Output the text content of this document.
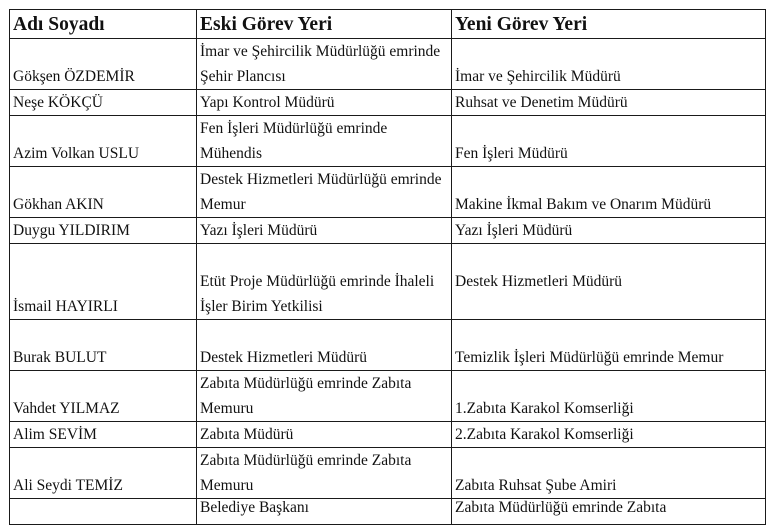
Adı Soyadı	Eski Görev Yeri	Yeni Görev Yeri

Gökşen ÖZDEMİR	İmar ve Şehircilik Müdürlüğü emrinde Şehir Plancısı	İmar ve Şehircilik Müdürü

Neşe KÖKÇÜ	Yapı Kontrol Müdürü	Ruhsat ve Denetim Müdürü

Azim Volkan USLU	Fen İşleri Müdürlüğü emrinde Mühendis	Fen İşleri Müdürü

Gökhan AKIN	Destek Hizmetleri Müdürlüğü emrinde Memur	Makine İkmal Bakım ve Onarım Müdürü

Duygu YILDIRIM	Yazı İşleri Müdürü	Yazı İşleri Müdürü

İsmail HAYIRLI	Etüt Proje Müdürlüğü emrinde İhaleli İşler Birim Yetkilisi	Destek Hizmetleri Müdürü

Burak BULUT	Destek Hizmetleri Müdürü	Temizlik İşleri Müdürlüğü emrinde Memur

Vahdet YILMAZ	Zabıta Müdürlüğü emrinde Zabıta Memuru	1.Zabıta Karakol Komserliği

Alim SEVİM	Zabıta Müdürü	2.Zabıta Karakol Komserliği

Ali Seydi TEMİZ	Zabıta Müdürlüğü emrinde Zabıta Memuru	Zabıta Ruhsat Şube Amiri

	Belediye Başkanı	Zabıta Müdürlüğü emrinde Zabıta
